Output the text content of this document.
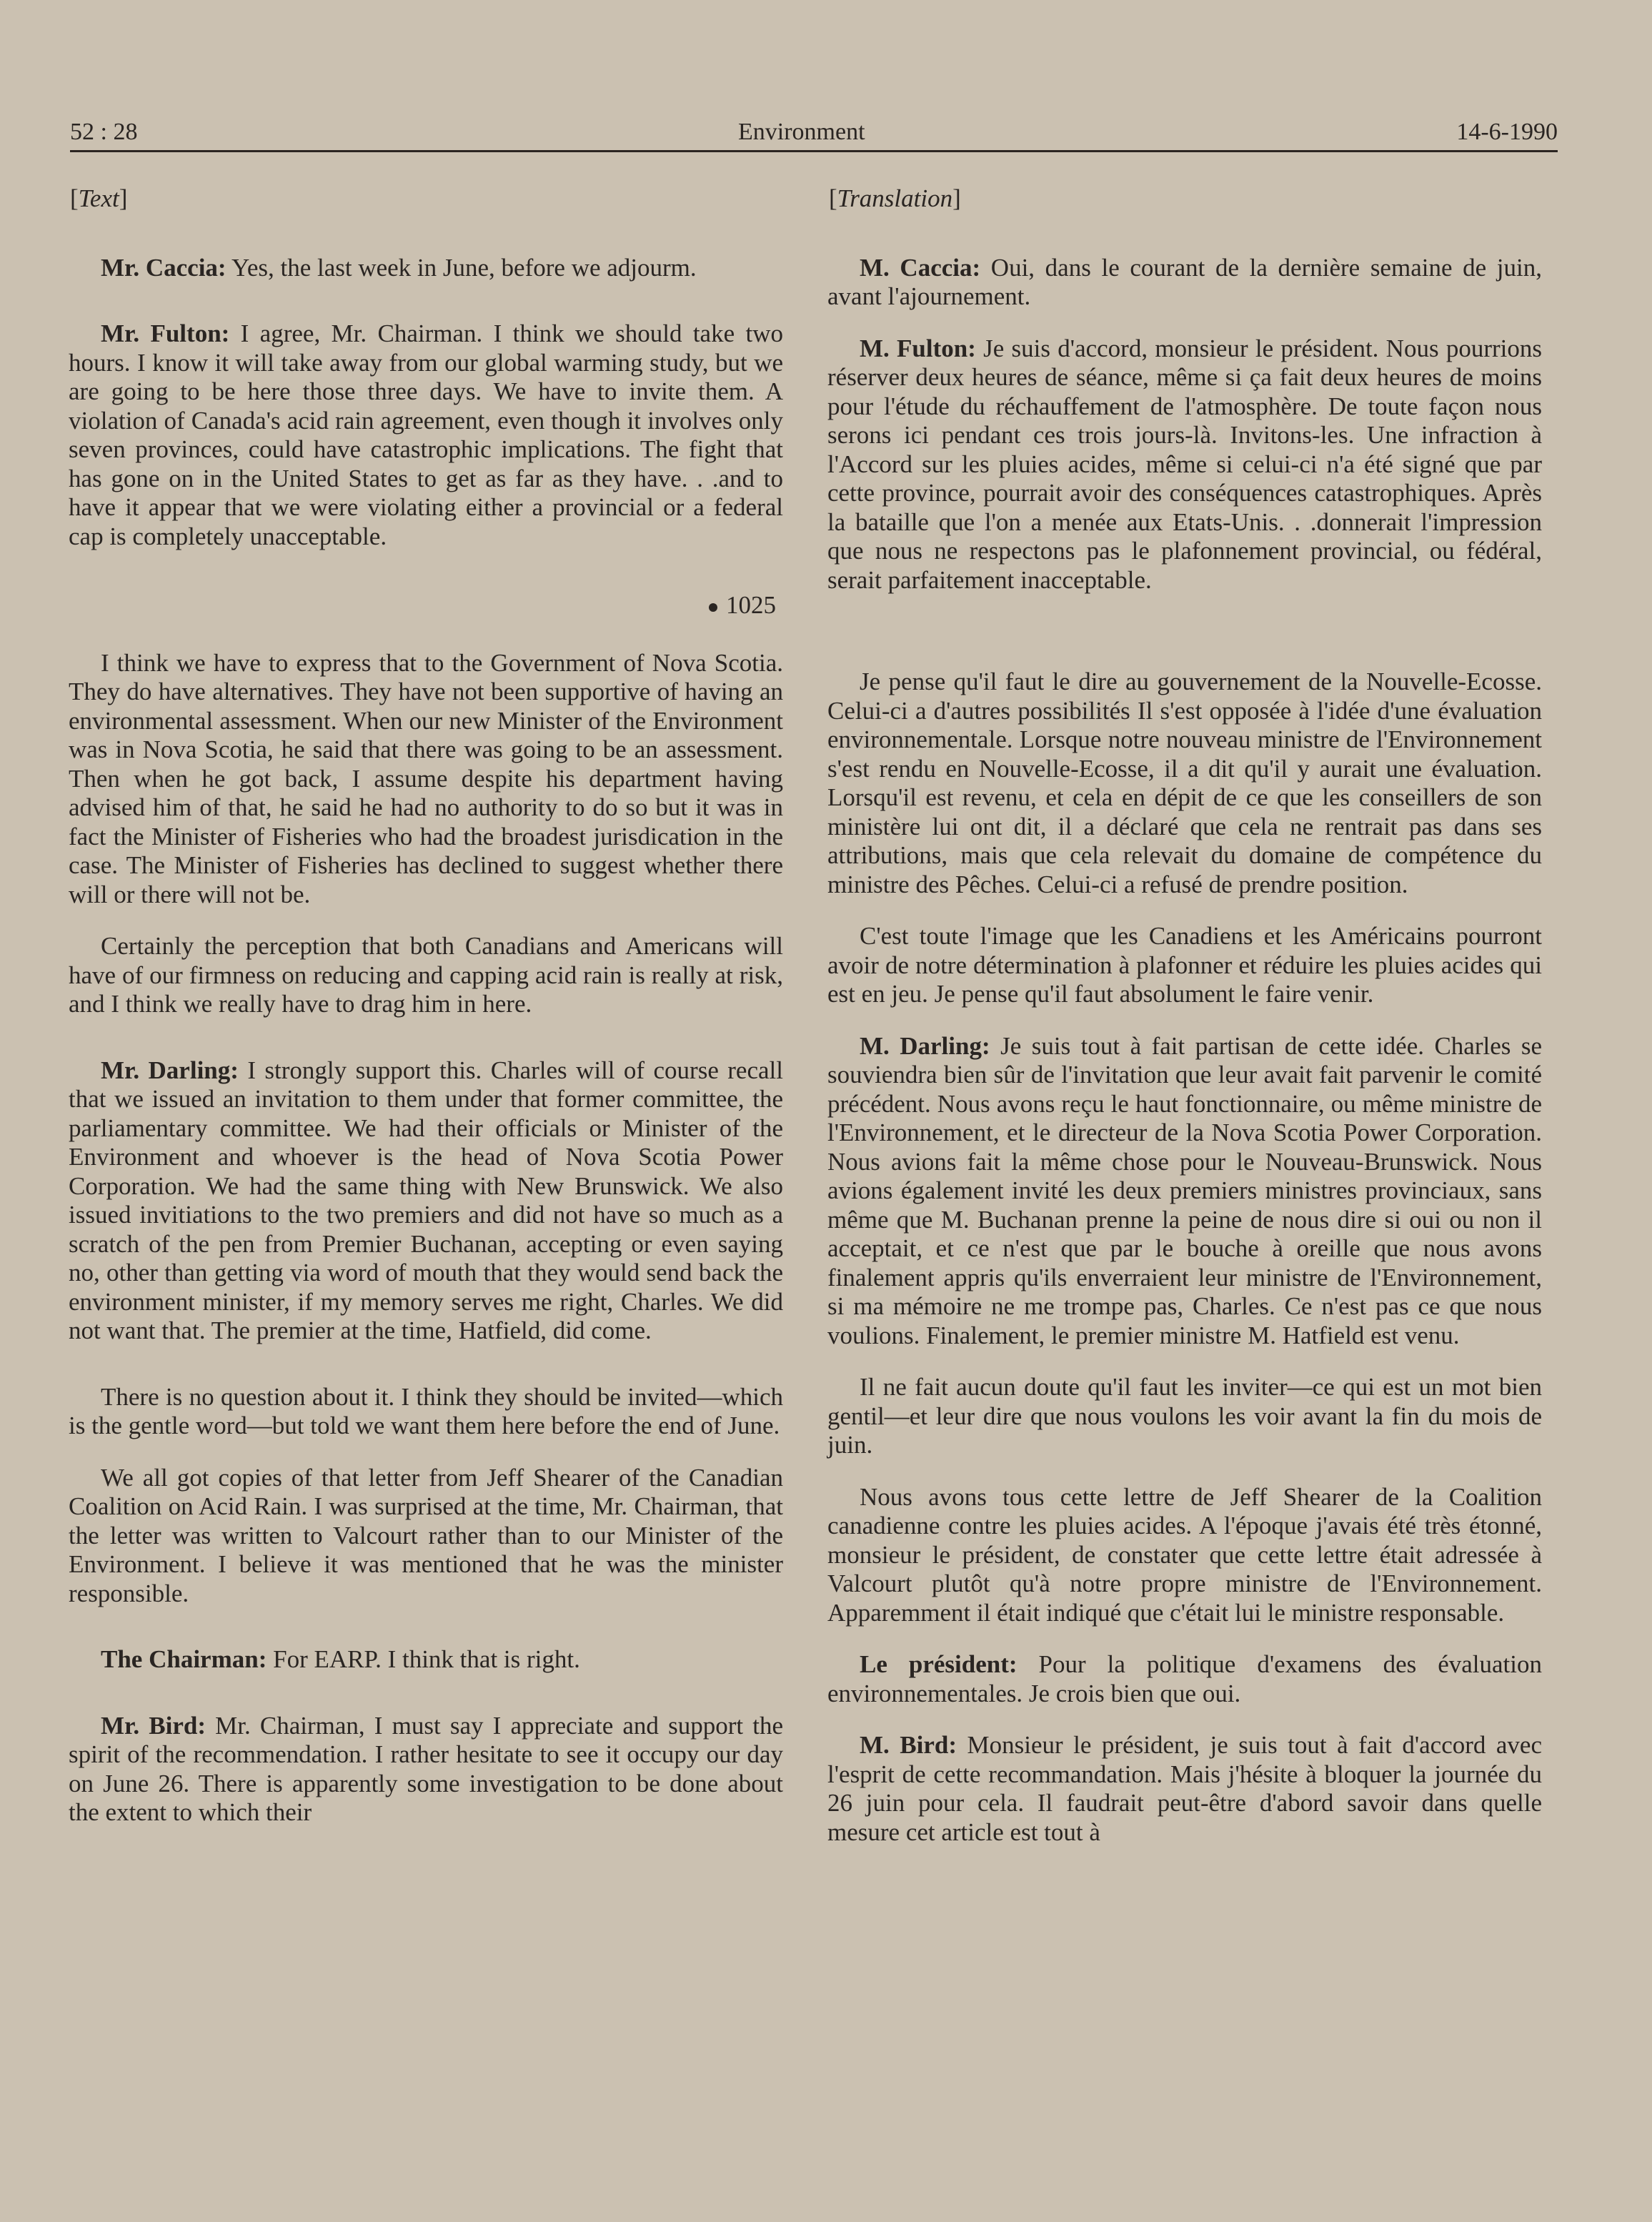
52 : 28	Environment	14-6-1990
[Text]

Mr. Caccia: Yes, the last week in June, before we adjourm.

Mr. Fulton: I agree, Mr. Chairman. I think we should take two hours. I know it will take away from our global warming study, but we are going to be here those three days. We have to invite them. A violation of Canada's acid rain agreement, even though it involves only seven provinces, could have catastrophic implications. The fight that has gone on in the United States to get as far as they have. . .and to have it appear that we were violating either a provincial or a federal cap is completely unacceptable.

1025

I think we have to express that to the Government of Nova Scotia. They do have alternatives. They have not been supportive of having an environmental assessment. When our new Minister of the Environment was in Nova Scotia, he said that there was going to be an assessment. Then when he got back, I assume despite his department having advised him of that, he said he had no authority to do so but it was in fact the Minister of Fisheries who had the broadest jurisdication in the case. The Minister of Fisheries has declined to suggest whether there will or there will not be.

Certainly the perception that both Canadians and Americans will have of our firmness on reducing and capping acid rain is really at risk, and I think we really have to drag him in here.

Mr. Darling: I strongly support this. Charles will of course recall that we issued an invitation to them under that former committee, the parliamentary committee. We had their officials or Minister of the Environment and whoever is the head of Nova Scotia Power Corporation. We had the same thing with New Brunswick. We also issued invitiations to the two premiers and did not have so much as a scratch of the pen from Premier Buchanan, accepting or even saying no, other than getting via word of mouth that they would send back the environment minister, if my memory serves me right, Charles. We did not want that. The premier at the time, Hatfield, did come.

There is no question about it. I think they should be invited—which is the gentle word—but told we want them here before the end of June.

We all got copies of that letter from Jeff Shearer of the Canadian Coalition on Acid Rain. I was surprised at the time, Mr. Chairman, that the letter was written to Valcourt rather than to our Minister of the Environment. I believe it was mentioned that he was the minister responsible.

The Chairman: For EARP. I think that is right.

Mr. Bird: Mr. Chairman, I must say I appreciate and support the spirit of the recommendation. I rather hesitate to see it occupy our day on June 26. There is apparently some investigation to be done about the extent to which their

[Translation]

M. Caccia: Oui, dans le courant de la dernière semaine de juin, avant l'ajournement.

M. Fulton: Je suis d'accord, monsieur le président. Nous pourrions réserver deux heures de séance, même si ça fait deux heures de moins pour l'étude du réchauffement de l'atmosphère. De toute façon nous serons ici pendant ces trois jours-là. Invitons-les. Une infraction à l'Accord sur les pluies acides, même si celui-ci n'a été signé que par cette province, pourrait avoir des conséquences catastrophiques. Après la bataille que l'on a menée aux Etats-Unis. . .donnerait l'impression que nous ne respectons pas le plafonnement provincial, ou fédéral, serait parfaitement inacceptable.

Je pense qu'il faut le dire au gouvernement de la Nouvelle-Ecosse. Celui-ci a d'autres possibilités Il s'est opposée à l'idée d'une évaluation environnementale. Lorsque notre nouveau ministre de l'Environnement s'est rendu en Nouvelle-Ecosse, il a dit qu'il y aurait une évaluation. Lorsqu'il est revenu, et cela en dépit de ce que les conseillers de son ministère lui ont dit, il a déclaré que cela ne rentrait pas dans ses attributions, mais que cela relevait du domaine de compétence du ministre des Pêches. Celui-ci a refusé de prendre position.

C'est toute l'image que les Canadiens et les Américains pourront avoir de notre détermination à plafonner et réduire les pluies acides qui est en jeu. Je pense qu'il faut absolument le faire venir.

M. Darling: Je suis tout à fait partisan de cette idée. Charles se souviendra bien sûr de l'invitation que leur avait fait parvenir le comité précédent. Nous avons reçu le haut fonctionnaire, ou même ministre de l'Environnement, et le directeur de la Nova Scotia Power Corporation. Nous avions fait la même chose pour le Nouveau-Brunswick. Nous avions également invité les deux premiers ministres provinciaux, sans même que M. Buchanan prenne la peine de nous dire si oui ou non il acceptait, et ce n'est que par le bouche à oreille que nous avons finalement appris qu'ils enverraient leur ministre de l'Environnement, si ma mémoire ne me trompe pas, Charles. Ce n'est pas ce que nous voulions. Finalement, le premier ministre M. Hatfield est venu.

Il ne fait aucun doute qu'il faut les inviter—ce qui est un mot bien gentil—et leur dire que nous voulons les voir avant la fin du mois de juin.

Nous avons tous cette lettre de Jeff Shearer de la Coalition canadienne contre les pluies acides. A l'époque j'avais été très étonné, monsieur le président, de constater que cette lettre était adressée à Valcourt plutôt qu'à notre propre ministre de l'Environnement. Apparemment il était indiqué que c'était lui le ministre responsable.

Le président: Pour la politique d'examens des évaluation environnementales. Je crois bien que oui.

M. Bird: Monsieur le président, je suis tout à fait d'accord avec l'esprit de cette recommandation. Mais j'hésite à bloquer la journée du 26 juin pour cela. Il faudrait peut-être d'abord savoir dans quelle mesure cet article est tout à
